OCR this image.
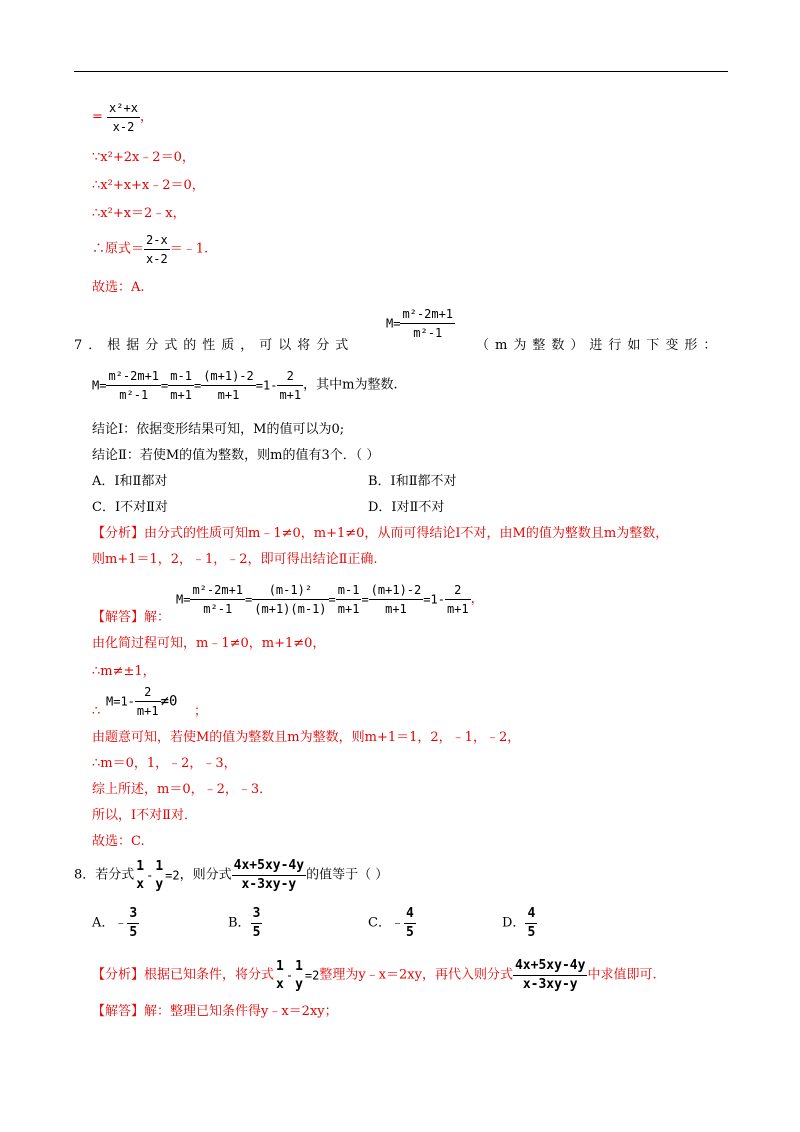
= $\frac{\text{x²+x}}{x-2}$ ，
∵x²+2x﹣2＝0，
∴x²+x+x﹣2＝0，
∴x²+x＝2﹣x，
∴原式＝ $\frac{2-x}{x-2}$ ＝﹣1.
故选：A.
$M= \frac{\text{m²-2m+1}}{\text{m²-1}}$
7．根据分式的性质，可以将分式	（m为整数）进行如下变形：
$M= \frac{\text{m²-2m+1}}{\text{m²-1}} = \frac{m-1}{m+1} = \frac{(m+1)-2}{m+1} =1- \frac{2}{m+1}$ ，其中m为整数.
结论Ⅰ：依据变形结果可知，M的值可以为0;
结论Ⅱ：若使M的值为整数，则m的值有3个．（ ）
A．Ⅰ和Ⅱ都对	B．Ⅰ和Ⅱ都不对
C．Ⅰ不对Ⅱ对	D．Ⅰ对Ⅱ不对
【分析】由分式的性质可知m﹣1≠0，m+1≠0，从而可得结论Ⅰ不对，由M的值为整数且m为整数，
则m+1＝1，2，﹣1，﹣2，即可得出结论Ⅱ正确.
$M= \frac{\text{m²-2m+1}}{\text{m²-1}} = \frac{\text{(m-1)²}}{(m+1)(m-1)} = \frac{m-1}{m+1} = \frac{(m+1)-2}{m+1} =1- \frac{2}{m+1}$ ，
【解答】解：
由化简过程可知，m﹣1≠0，m+1≠0，
∴m≠±1，
$M=1- \frac{2}{m+1} \ne 0$
∴	；
由题意可知，若使M的值为整数且m为整数，则m+1＝1，2，﹣1，﹣2，
∴m＝0，1，﹣2，﹣3，
综上所述，m＝0，﹣2，﹣3．
所以，Ⅰ不对Ⅱ对．
故选：C.
8．若分式
1
x
-
1
y
=2，则分式 $\frac{4x+5xy-4y}{x-3xy-y}$ 的值等于（ ）
A．﹣ $\frac{3}{5}$	B． $\frac{3}{5}$	C．﹣ $\frac{4}{5}$	D． $\frac{4}{5}$
【分析】根据已知条件，将分式
1
x
-
1
y
=2整理为y﹣x＝2xy，再代入则分式 $\frac{4x+5xy-4y}{x-3xy-y}$ 中求值即可.
【解答】解：整理已知条件得y﹣x＝2xy；
